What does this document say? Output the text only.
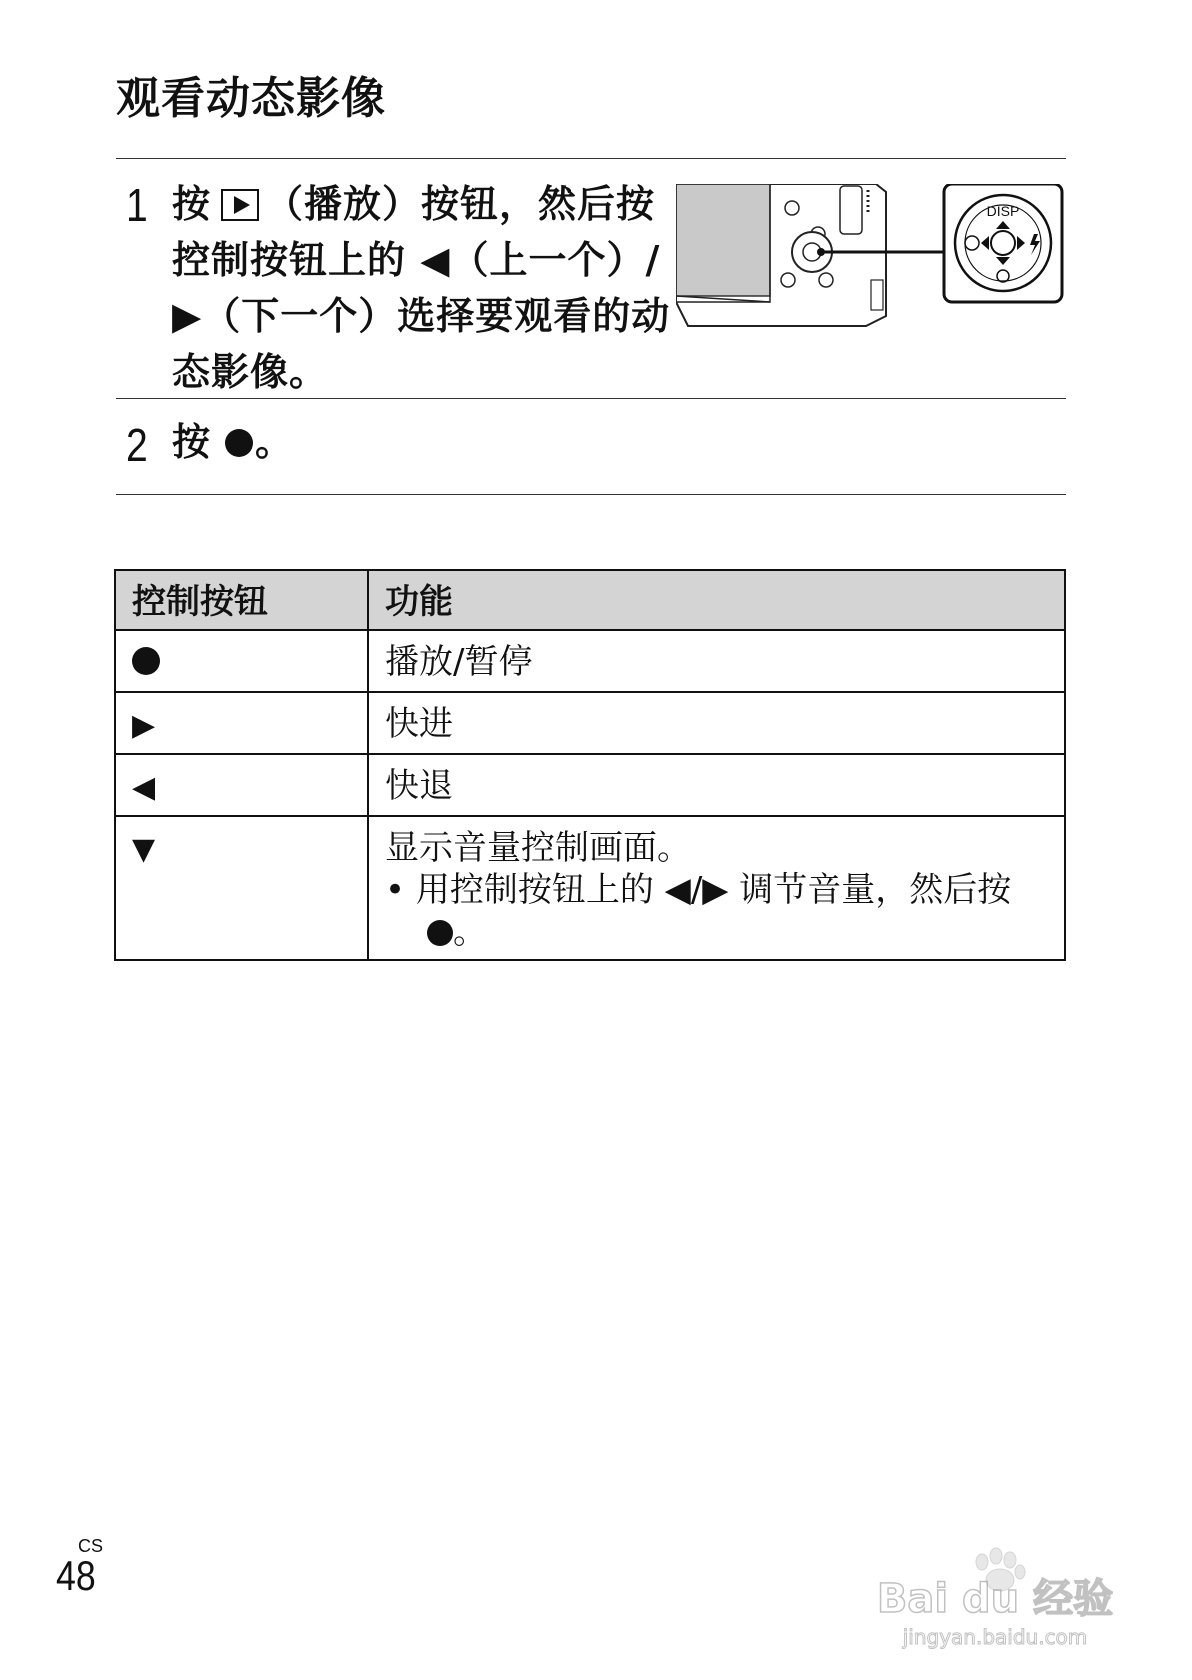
观看动态影像
1 按 （播放）按钮，然后按控制按钮上的 ◀（上一个）/▶（下一个）选择要观看的动态影像。
DISP
2 按 。
控制按钮	功能
	播放/暂停
▶	快进
◀	快退
▼	显示音量控制画面。
• 用控制按钮上的 ◀/▶ 调节音量，然后按
。
CS
48	Bai du 经验
jingyan.baidu.com
